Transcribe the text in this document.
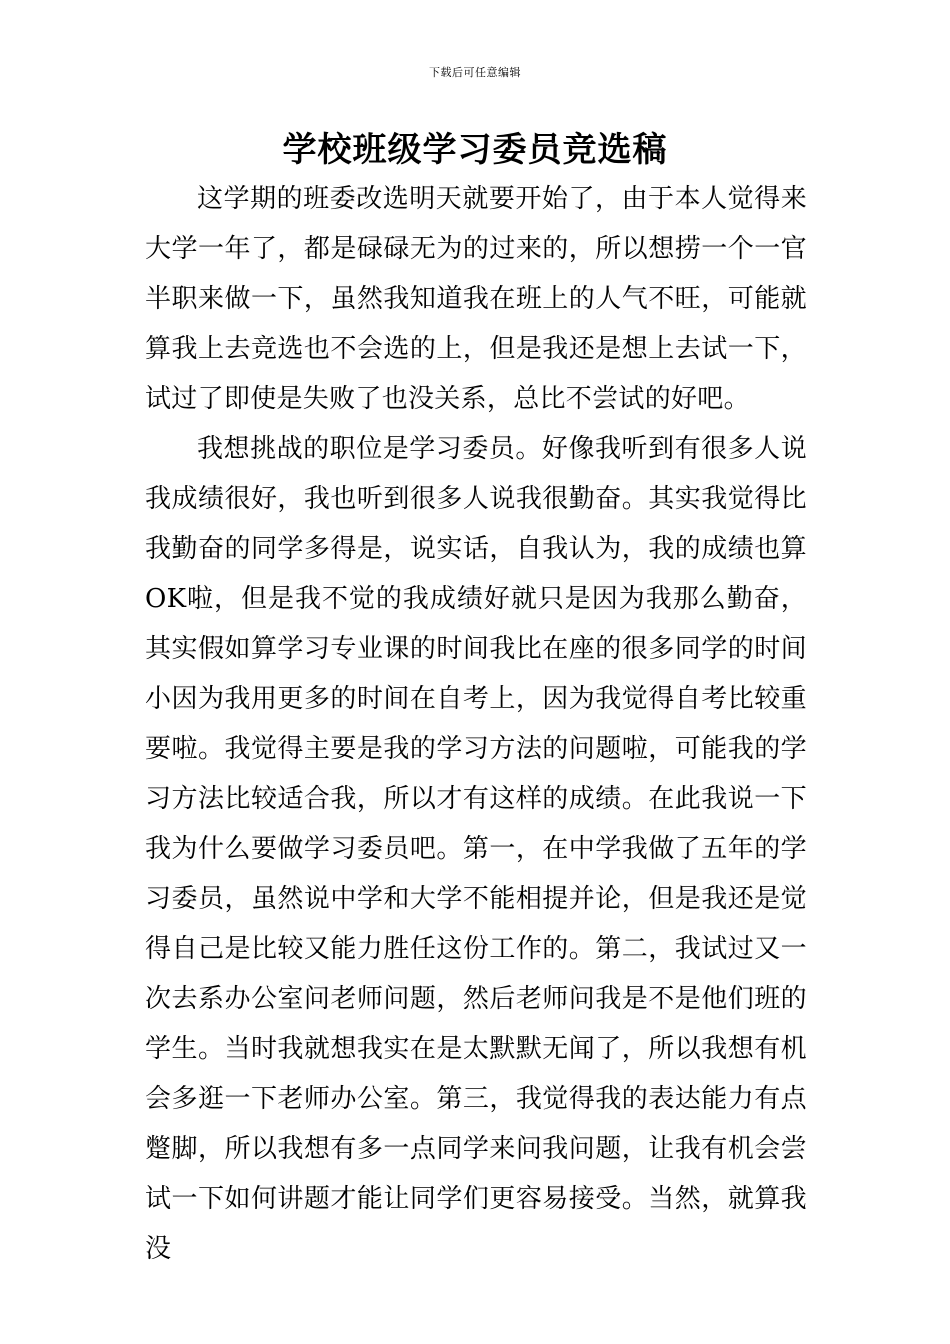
下载后可任意编辑
学校班级学习委员竞选稿

这学期的班委改选明天就要开始了，由于本人觉得来大学一年了，都是碌碌无为的过来的，所以想捞一个一官半职来做一下，虽然我知道我在班上的人气不旺，可能就算我上去竞选也不会选的上，但是我还是想上去试一下，试过了即使是失败了也没关系，总比不尝试的好吧。

我想挑战的职位是学习委员。好像我听到有很多人说我成绩很好，我也听到很多人说我很勤奋。其实我觉得比我勤奋的同学多得是，说实话，自我认为，我的成绩也算OK啦，但是我不觉的我成绩好就只是因为我那么勤奋，其实假如算学习专业课的时间我比在座的很多同学的时间小因为我用更多的时间在自考上，因为我觉得自考比较重要啦。我觉得主要是我的学习方法的问题啦，可能我的学习方法比较适合我，所以才有这样的成绩。在此我说一下我为什么要做学习委员吧。第一，在中学我做了五年的学习委员，虽然说中学和大学不能相提并论，但是我还是觉得自己是比较又能力胜任这份工作的。第二，我试过又一次去系办公室问老师问题，然后老师问我是不是他们班的学生。当时我就想我实在是太默默无闻了，所以我想有机会多逛一下老师办公室。第三，我觉得我的表达能力有点蹩脚，所以我想有多一点同学来问我问题，让我有机会尝试一下如何讲题才能让同学们更容易接受。当然，就算我没
